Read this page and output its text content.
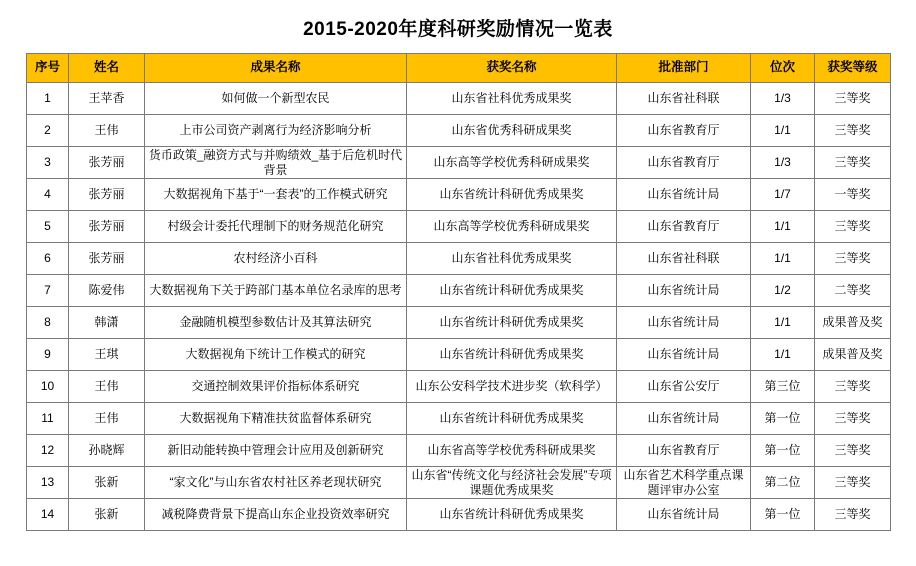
2015-2020年度科研奖励情况一览表
序号	姓名	成果名称	获奖名称	批准部门	位次	获奖等级
1	王苹香	如何做一个新型农民	山东省社科优秀成果奖	山东省社科联	1/3	三等奖
2	王伟	上市公司资产剥离行为经济影响分析	山东省优秀科研成果奖	山东省教育厅	1/1	三等奖
3	张芳丽	货币政策_融资方式与并购绩效_基于后危机时代背景	山东高等学校优秀科研成果奖	山东省教育厅	1/3	三等奖
4	张芳丽	大数据视角下基于“一套表”的工作模式研究	山东省统计科研优秀成果奖	山东省统计局	1/7	一等奖
5	张芳丽	村级会计委托代理制下的财务规范化研究	山东高等学校优秀科研成果奖	山东省教育厅	1/1	三等奖
6	张芳丽	农村经济小百科	山东省社科优秀成果奖	山东省社科联	1/1	三等奖
7	陈爱伟	大数据视角下关于跨部门基本单位名录库的思考	山东省统计科研优秀成果奖	山东省统计局	1/2	二等奖
8	韩潇	金融随机模型参数估计及其算法研究	山东省统计科研优秀成果奖	山东省统计局	1/1	成果普及奖
9	王琪	大数据视角下统计工作模式的研究	山东省统计科研优秀成果奖	山东省统计局	1/1	成果普及奖
10	王伟	交通控制效果评价指标体系研究	山东公安科学技术进步奖（软科学）	山东省公安厅	第三位	三等奖
11	王伟	大数据视角下精准扶贫监督体系研究	山东省统计科研优秀成果奖	山东省统计局	第一位	三等奖
12	孙晓辉	新旧动能转换中管理会计应用及创新研究	山东省高等学校优秀科研成果奖	山东省教育厅	第一位	三等奖
13	张新	“家文化”与山东省农村社区养老现状研究	山东省“传统文化与经济社会发展”专项课题优秀成果奖	山东省艺术科学重点课题评审办公室	第二位	三等奖
14	张新	减税降费背景下提高山东企业投资效率研究	山东省统计科研优秀成果奖	山东省统计局	第一位	三等奖
